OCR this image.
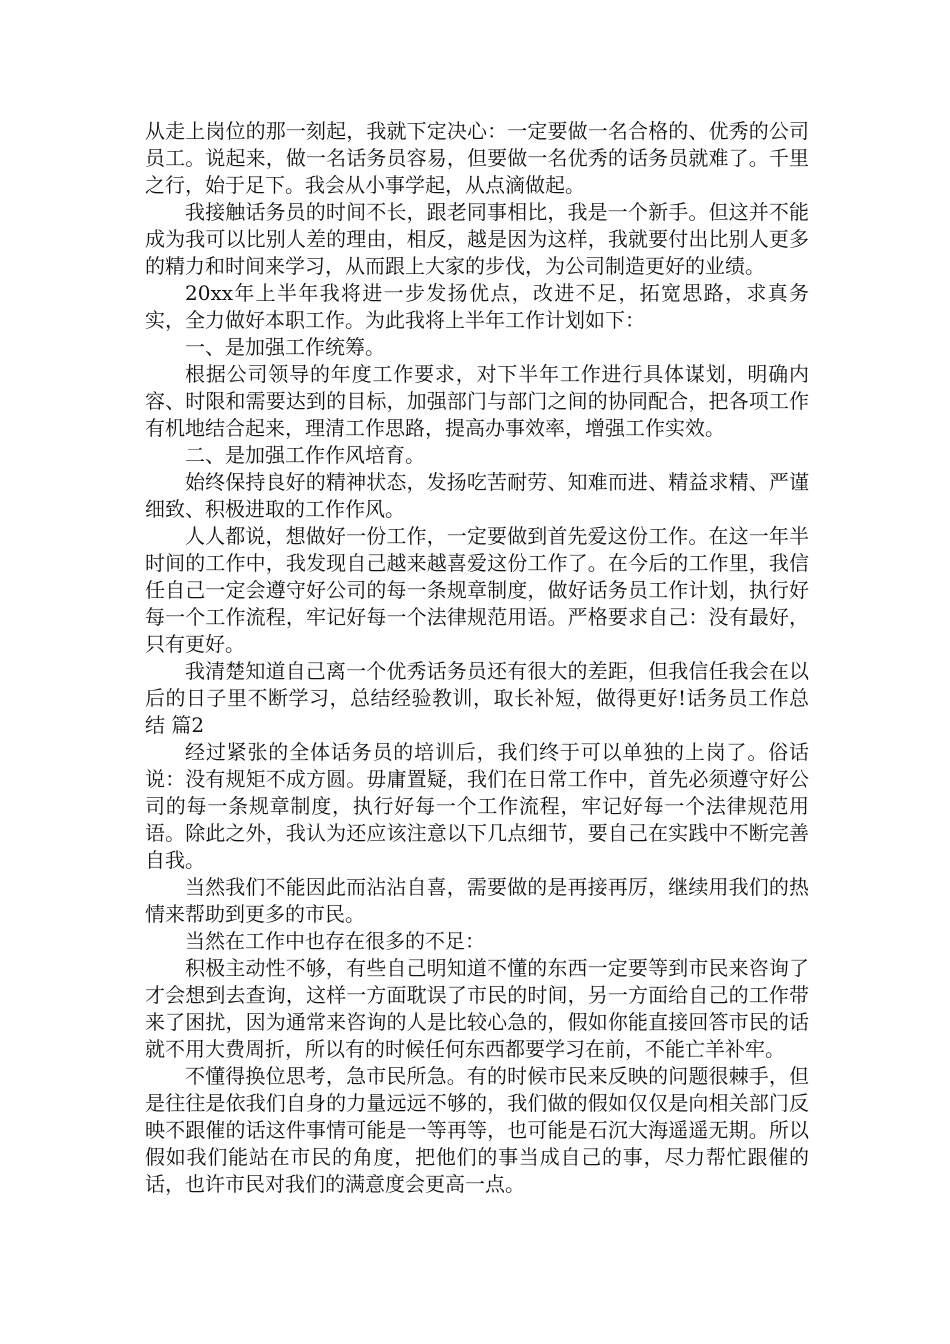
从走上岗位的那一刻起，我就下定决心：一定要做一名合格的、优秀的公司员工。说起来，做一名话务员容易，但要做一名优秀的话务员就难了。千里之行，始于足下。我会从小事学起，从点滴做起。

我接触话务员的时间不长，跟老同事相比，我是一个新手。但这并不能成为我可以比别人差的理由，相反，越是因为这样，我就要付出比别人更多的精力和时间来学习，从而跟上大家的步伐，为公司制造更好的业绩。

20xx年上半年我将进一步发扬优点，改进不足，拓宽思路，求真务实，全力做好本职工作。为此我将上半年工作计划如下：

一、是加强工作统筹。

根据公司领导的年度工作要求，对下半年工作进行具体谋划，明确内容、时限和需要达到的目标，加强部门与部门之间的协同配合，把各项工作有机地结合起来，理清工作思路，提高办事效率，增强工作实效。

二、是加强工作作风培育。

始终保持良好的精神状态，发扬吃苦耐劳、知难而进、精益求精、严谨细致、积极进取的工作作风。

人人都说，想做好一份工作，一定要做到首先爱这份工作。在这一年半时间的工作中，我发现自己越来越喜爱这份工作了。在今后的工作里，我信任自己一定会遵守好公司的每一条规章制度，做好话务员工作计划，执行好每一个工作流程，牢记好每一个法律规范用语。严格要求自己：没有最好，只有更好。

我清楚知道自己离一个优秀话务员还有很大的差距，但我信任我会在以后的日子里不断学习，总结经验教训，取长补短，做得更好!话务员工作总结 篇2

经过紧张的全体话务员的培训后，我们终于可以单独的上岗了。俗话说：没有规矩不成方圆。毋庸置疑，我们在日常工作中，首先必须遵守好公司的每一条规章制度，执行好每一个工作流程，牢记好每一个法律规范用语。除此之外，我认为还应该注意以下几点细节，要自己在实践中不断完善自我。

当然我们不能因此而沾沾自喜，需要做的是再接再厉，继续用我们的热情来帮助到更多的市民。

当然在工作中也存在很多的不足：

积极主动性不够，有些自己明知道不懂的东西一定要等到市民来咨询了才会想到去查询，这样一方面耽误了市民的时间，另一方面给自己的工作带来了困扰，因为通常来咨询的人是比较心急的，假如你能直接回答市民的话就不用大费周折，所以有的时候任何东西都要学习在前，不能亡羊补牢。

不懂得换位思考，急市民所急。有的时候市民来反映的问题很棘手，但是往往是依我们自身的力量远远不够的，我们做的假如仅仅是向相关部门反映不跟催的话这件事情可能是一等再等，也可能是石沉大海遥遥无期。所以假如我们能站在市民的角度，把他们的事当成自己的事，尽力帮忙跟催的话，也许市民对我们的满意度会更高一点。
